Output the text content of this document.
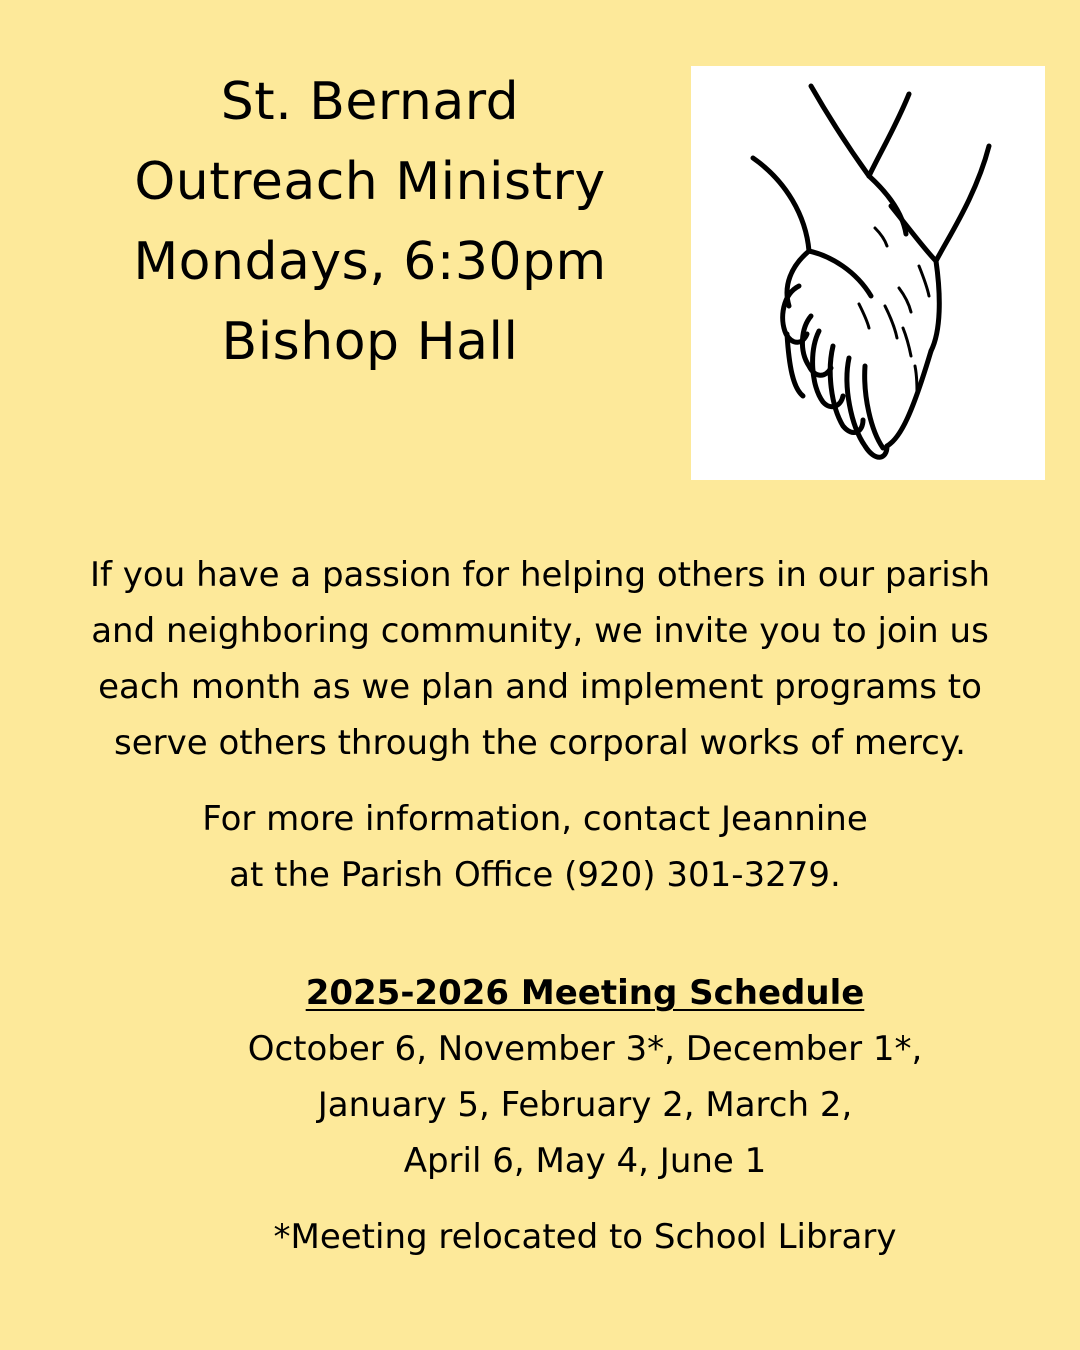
St. Bernard
Outreach Ministry
Mondays, 6:30pm
Bishop Hall
If you have a passion for helping others in our parish
and neighboring community, we invite you to join us
each month as we plan and implement programs to
serve others through the corporal works of mercy.
For more information, contact Jeannine
at the Parish Office (920) 301-3279.
2025-2026 Meeting Schedule
October 6, November 3*, December 1*,
January 5, February 2, March 2,
April 6, May 4, June 1
*Meeting relocated to School Library
